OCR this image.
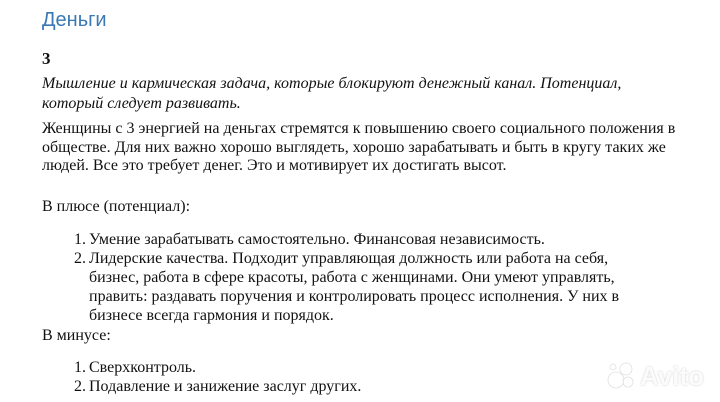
Деньги
3

Мышление и кармическая задача, которые блокируют денежный канал. Потенциал, который следует развивать.

Женщины с 3 энергией на деньгах стремятся к повышению своего социального положения в обществе. Для них важно хорошо выглядеть, хорошо зарабатывать и быть в кругу таких же людей. Все это требует денег. Это и мотивирует их достигать высот.

В плюсе (потенциал):

1. Умение зарабатывать самостоятельно. Финансовая независимость.
2. Лидерские качества. Подходит управляющая должность или работа на себя, бизнес, работа в сфере красоты, работа с женщинами. Они умеют управлять, править: раздавать поручения и контролировать процесс исполнения. У них в бизнесе всегда гармония и порядок.

В минусе:

1. Сверхконтроль.
2. Подавление и занижение заслуг других.	Avito
